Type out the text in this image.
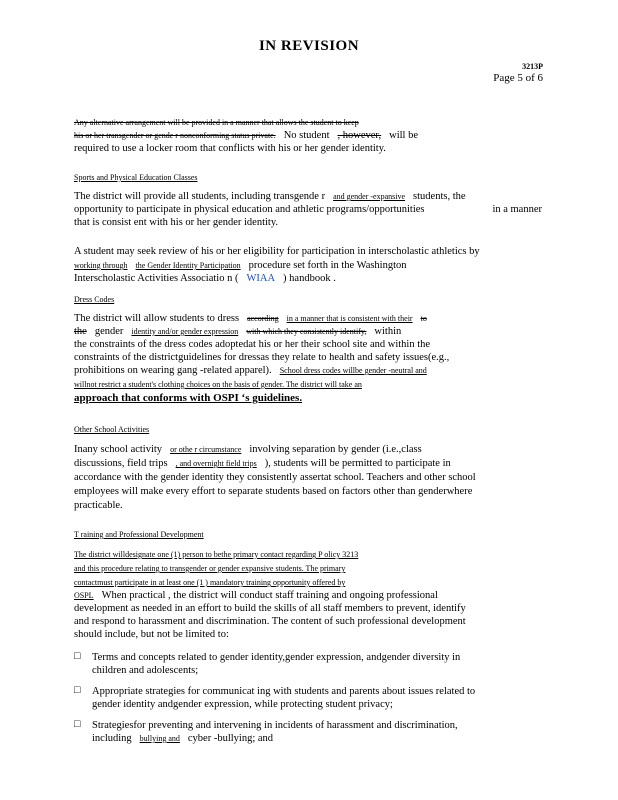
IN REVISION
3213P
Page 5 of 6
Any alternative arrangement will be provided in a manner that allows the student to keep
his or her transgender or gende r nonconforming status private. No student , however, will be
required to use a locker room that conflicts with his or her gender identity.
Sports and Physical Education Classes
The district will provide all students, including transgende r and gender -expansive students, the
opportunity to participate in physical education and athletic programs/opportunities	in a manner
that is consist ent with his or her gender identity.
A student may seek review of his or her eligibility for participation in interscholastic athletics by
working through the Gender Identity Participation procedure set forth in the Washington
Interscholastic Activities Associatio n ( WIAA ) handbook .
Dress Codes
The district will allow students to dress according in a manner that is consistent with their to
the gender identity and/or gender expression with which they consistently identify, within
the constraints of the dress codes adoptedat his or her their school site and within the
constraints of the districtguidelines for dressas they relate to health and safety issues(e.g.,
prohibitions on wearing gang -related apparel). School dress codes willbe gender -neutral and
willnot restrict a student's clothing choices on the basis of gender. The district will take an
approach that conforms with OSPI ‘s guidelines.
Other School Activities
Inany school activity or othe r circumstance involving separation by gender (i.e.,class
discussions, field trips , and overnight field trips ), students will be permitted to participate in
accordance with the gender identity they consistently assertat school. Teachers and other school
employees will make every effort to separate students based on factors other than genderwhere
practicable.
T raining and Professional Development
The district willdesignate one (1) person to bethe primary contact regarding P olicy 3213
and this procedure relating to transgender or gender expansive students. The primary
contactmust participate in at least one (1 ) mandatory training opportunity offered by
OSPL When practical , the district will conduct staff training and ongoing professional
development as needed in an effort to build the skills of all staff members to prevent, identify
and respond to harassment and discrimination. The content of such professional development
should include, but not be limited to:
□ Terms and concepts related to gender identity,gender expression, andgender diversity in
children and adolescents;
□ Appropriate strategies for communicat ing with students and parents about issues related to
gender identity andgender expression, while protecting student privacy;
□ Strategiesfor preventing and intervening in incidents of harassment and discrimination,
including bullying and cyber -bullying; and
